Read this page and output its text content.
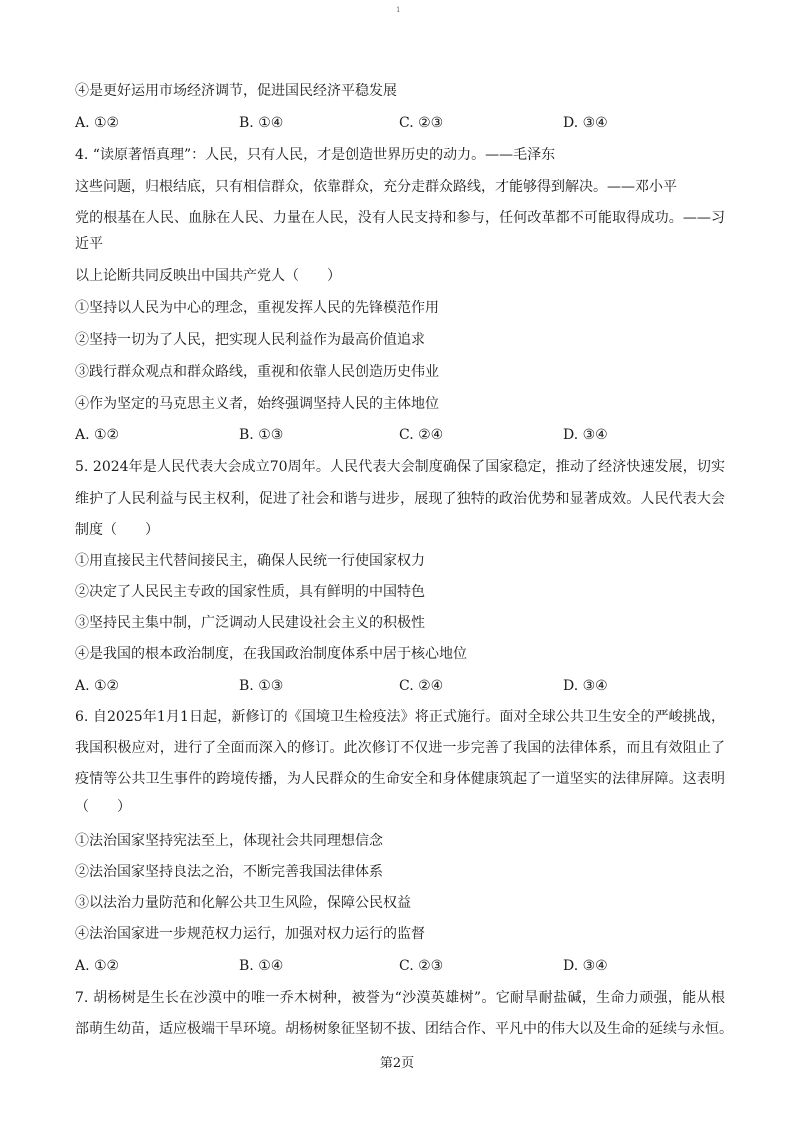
1
④是更好运用市场经济调节，促进国民经济平稳发展
A. ①②	B. ①④	C. ②③	D. ③④
4. “读原著悟真理”：人民，只有人民，才是创造世界历史的动力。——毛泽东
这些问题，归根结底，只有相信群众，依靠群众，充分走群众路线，才能够得到解决。——邓小平
党的根基在人民、血脉在人民、力量在人民，没有人民支持和参与，任何改革都不可能取得成功。——习
近平
以上论断共同反映出中国共产党人（　　）
①坚持以人民为中心的理念，重视发挥人民的先锋模范作用
②坚持一切为了人民，把实现人民利益作为最高价值追求
③践行群众观点和群众路线，重视和依靠人民创造历史伟业
④作为坚定的马克思主义者，始终强调坚持人民的主体地位
A. ①②	B. ①③	C. ②④	D. ③④
5. 2024年是人民代表大会成立70周年。人民代表大会制度确保了国家稳定，推动了经济快速发展，切实
维护了人民利益与民主权利，促进了社会和谐与进步，展现了独特的政治优势和显著成效。人民代表大会
制度（　　）
①用直接民主代替间接民主，确保人民统一行使国家权力
②决定了人民民主专政的国家性质，具有鲜明的中国特色
③坚持民主集中制，广泛调动人民建设社会主义的积极性
④是我国的根本政治制度，在我国政治制度体系中居于核心地位
A. ①②	B. ①③	C. ②④	D. ③④
6. 自2025年1月1日起，新修订的《国境卫生检疫法》将正式施行。面对全球公共卫生安全的严峻挑战，
我国积极应对，进行了全面而深入的修订。此次修订不仅进一步完善了我国的法律体系，而且有效阻止了
疫情等公共卫生事件的跨境传播，为人民群众的生命安全和身体健康筑起了一道坚实的法律屏障。这表明
（　　）
①法治国家坚持宪法至上，体现社会共同理想信念
②法治国家坚持良法之治，不断完善我国法律体系
③以法治力量防范和化解公共卫生风险，保障公民权益
④法治国家进一步规范权力运行，加强对权力运行的监督
A. ①②	B. ①④	C. ②③	D. ③④
7. 胡杨树是生长在沙漠中的唯一乔木树种，被誉为“沙漠英雄树”。它耐旱耐盐碱，生命力顽强，能从根
部萌生幼苗，适应极端干旱环境。胡杨树象征坚韧不拔、团结合作、平凡中的伟大以及生命的延续与永恒。
第2页
